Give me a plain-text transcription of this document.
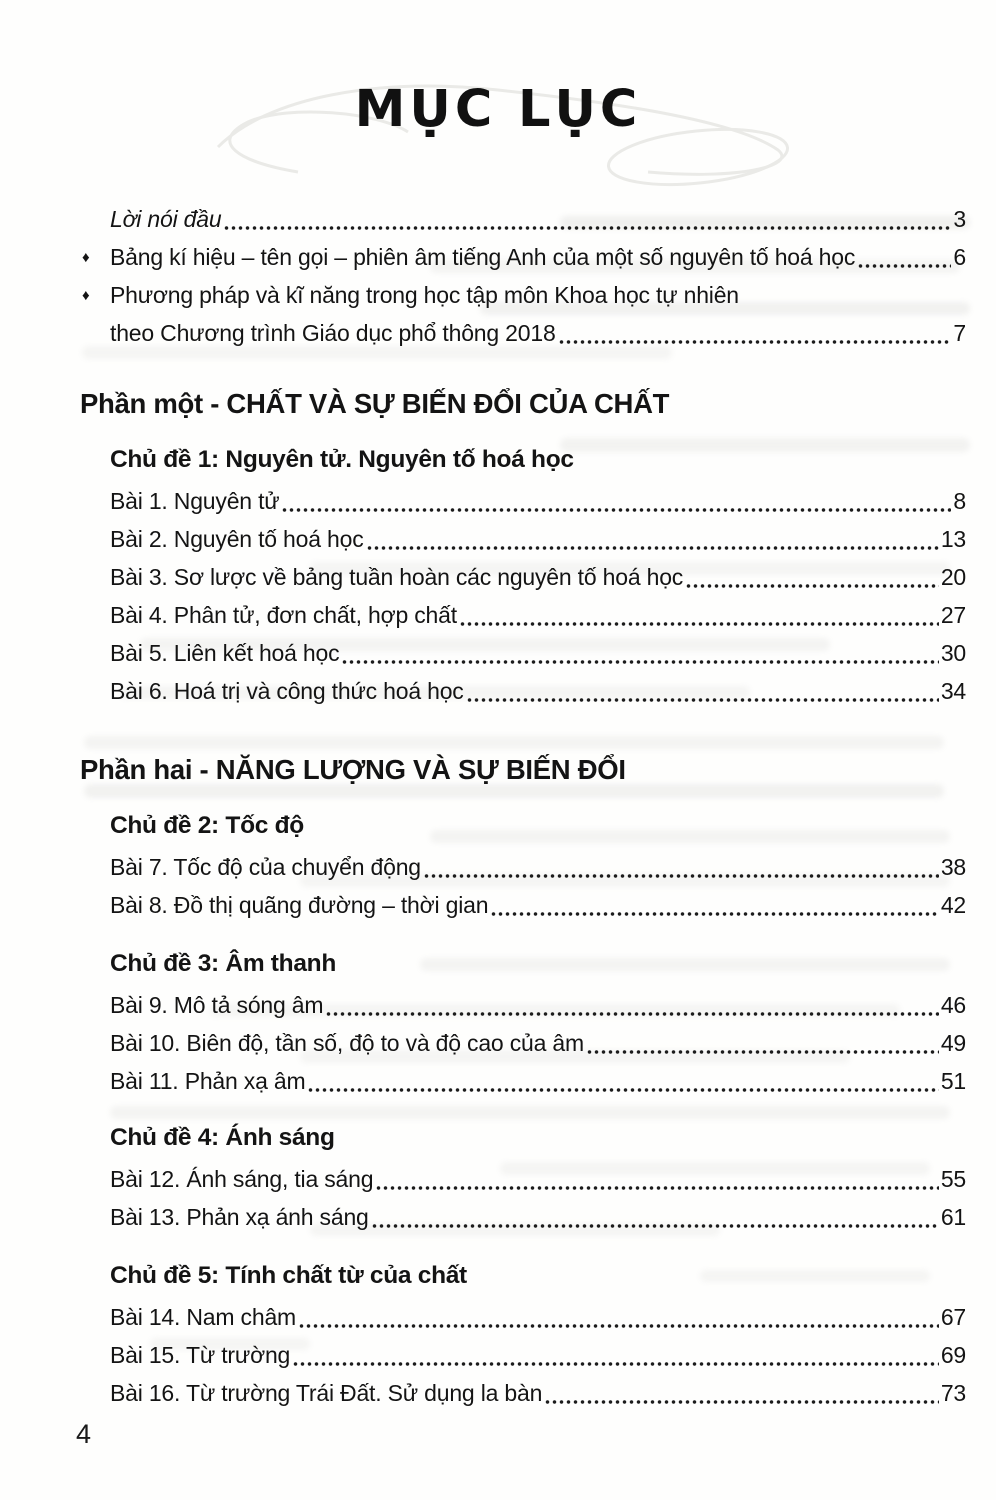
MỤC LỤC
Lời nói đầu	3
♦ Bảng kí hiệu – tên gọi – phiên âm tiếng Anh của một số nguyên tố hoá học	6
♦ Phương pháp và kĩ năng trong học tập môn Khoa học tự nhiên
theo Chương trình Giáo dục phổ thông 2018	7
Phần một - CHẤT VÀ SỰ BIẾN ĐỔI CỦA CHẤT
Chủ đề 1: Nguyên tử. Nguyên tố hoá học
Bài 1. Nguyên tử	8
Bài 2. Nguyên tố hoá học	13
Bài 3. Sơ lược về bảng tuần hoàn các nguyên tố hoá học	20
Bài 4. Phân tử, đơn chất, hợp chất	27
Bài 5. Liên kết hoá học	30
Bài 6. Hoá trị và công thức hoá học	34
Phần hai - NĂNG LƯỢNG VÀ SỰ BIẾN ĐỔI
Chủ đề 2: Tốc độ
Bài 7. Tốc độ của chuyển động	38
Bài 8. Đồ thị quãng đường – thời gian	42
Chủ đề 3: Âm thanh
Bài 9. Mô tả sóng âm	46
Bài 10. Biên độ, tần số, độ to và độ cao của âm	49
Bài 11. Phản xạ âm	51
Chủ đề 4: Ánh sáng
Bài 12. Ánh sáng, tia sáng	55
Bài 13. Phản xạ ánh sáng	61
Chủ đề 5: Tính chất từ của chất
Bài 14. Nam châm	67
Bài 15. Từ trường	69
Bài 16. Từ trường Trái Đất. Sử dụng la bàn	73
4
